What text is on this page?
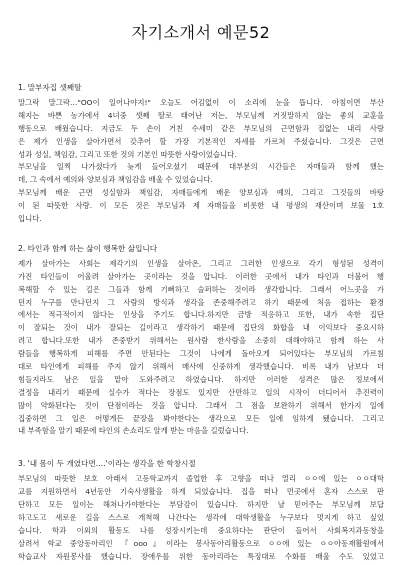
자기소개서 예문52
1. 말부자집 셋째딸
말그락 말그락…"OO이 일어나야지!" 오늘도 어김없이 이 소리에 눈을 뜹니다. 아침이면 부산
해지는 바쁜 농가에서 4녀중 셋째 딸로 태어난 저는, 부모님께 거짓말하지 않는 좋의 교훈을
행동으로 배웠습니다. 지금도 두 손이 거친 수세미 같은 부모님의 근면함과 질없는 내리 사랑
은 제가 인생을 살아가면서 갖추어 할 가장 기본적인 자세를 가르쳐 주셨습니다. 그것은 근면
성과 성실, 책임감, 그리고 또한 것의 기본인 따뜻한 사랑이었습니다.
부모님을 일찍 나가셨다가 늦게 들어오셨기 때문에 대부분의 시간들은 자매들과 함께 했는
데, 그 속에서 예의와 양보심과 책임감을 배울 수 있었습니다.
부모님께 배운 근면 성실함과 책임감, 자매들에게 배운 양보심과 예의, 그리고 그것들의 바탕
이 된 따뜻한 사랑. 이 모든 것은 부모님과 제 자매들을 비롯한 내 평생의 재산이며 보물 1호
입니다.
2. 타인과 함께 하는 삶이 행복한 삶입니다
제가 살아가는 사회는 제각기의 인생을 살아온, 그리고 그러한 인생으로 각기 형성된 성격이
가진 타인들이 어울려 살아가는 곳이라는 것을 압니다. 이러한 곳에서 내가 타인과 더불어 행
복해할 수 있는 길은 그들과 함께 기뻐하고 슬퍼하는 것이라 생각합니다. 그래서 어느곳을 가
던지 누구를 만나던지 그 사람의 방식과 생각을 존중해주려고 하기 때문에 처음 접하는 환경
에서는 적극적이지 않다는 인상을 주기도 합니다.하지만 금방 적응하고 또한, 내가 속한 집단
이 잘되는 것이 내가 잘되는 길이라고 생각하기 때문에 집단의 화합을 내 이익보다 중요시하
려고 합니다.또한 내가 존중받기 위해서는 원사람 한사람을 소중히 대해야하고 함께 하는 사
람들을 행복하게 피해를 주면 안된다는 그것이 나에게 돌아오게 되어있다는 부모님의 가르침
대로 타인에게 피해를 주지 않기 위해서 매사에 신중하게 생각했습니다. 비록 내가 남보다 더
힘들지라도 남은 일을 맡아 도와주려고 하였습니다. 하지만 이러한 성격은 많은 정보에서
결정을 내리기 때문에 실수가 적다는 장점도 있지만 산만하고 일의 시작이 더디어서 추진력이
많이 약화된다는 것이 단점이라는 것을 압니다. 그래서 그 점을 보완하기 위해서 한가지 일에
집중하면 그 일은 어떻게든 끝장을 봐야한다는 생각으로 모든 일에 임하게 됐습니다. 그리고
내 부족함을 알기 때문에 타인의 손쇼리도 알게 받는 마음을 길렀습니다.
3. '내 몸이 두 개였다면….'이라는 생각을 한 학창시절
부모님의 따뜻한 보호 아래서 고등학교까지 졸업한 후 고향을 떠나 멀리 ㅇㅇ에 있는 ㅇㅇ대학
교를 지원하면서 4년동안 기숙사생활을 하게 되었습니다. 집을 떠나 먼곳에서 혼자 스스로 판
단하고 모든 일이는 해쳐나가야한다는 부담감이 있습니다. 하지만 날 믿어주는 부모님께 보답
하고도고 새로운 길을 스스로 개척해 나간다는 생각에 대학생활을 누구보다 멋지게 하고 싶었
습니다. 학과 이외의 활동도 나를 성장시키는데 중요하다는 판단이 들어서 사회복지과동창을
살려서 학교 중앙동아리인 『ooo』이라는 봉사동아리활동으로 ㅇㅇ에 있는 ㅇㅇ아동재활원에서
학습교사 자원봉사를 했습니다. 장애우를 위한 동아리라는 특징대로 수화를 배울 수도 있었고
